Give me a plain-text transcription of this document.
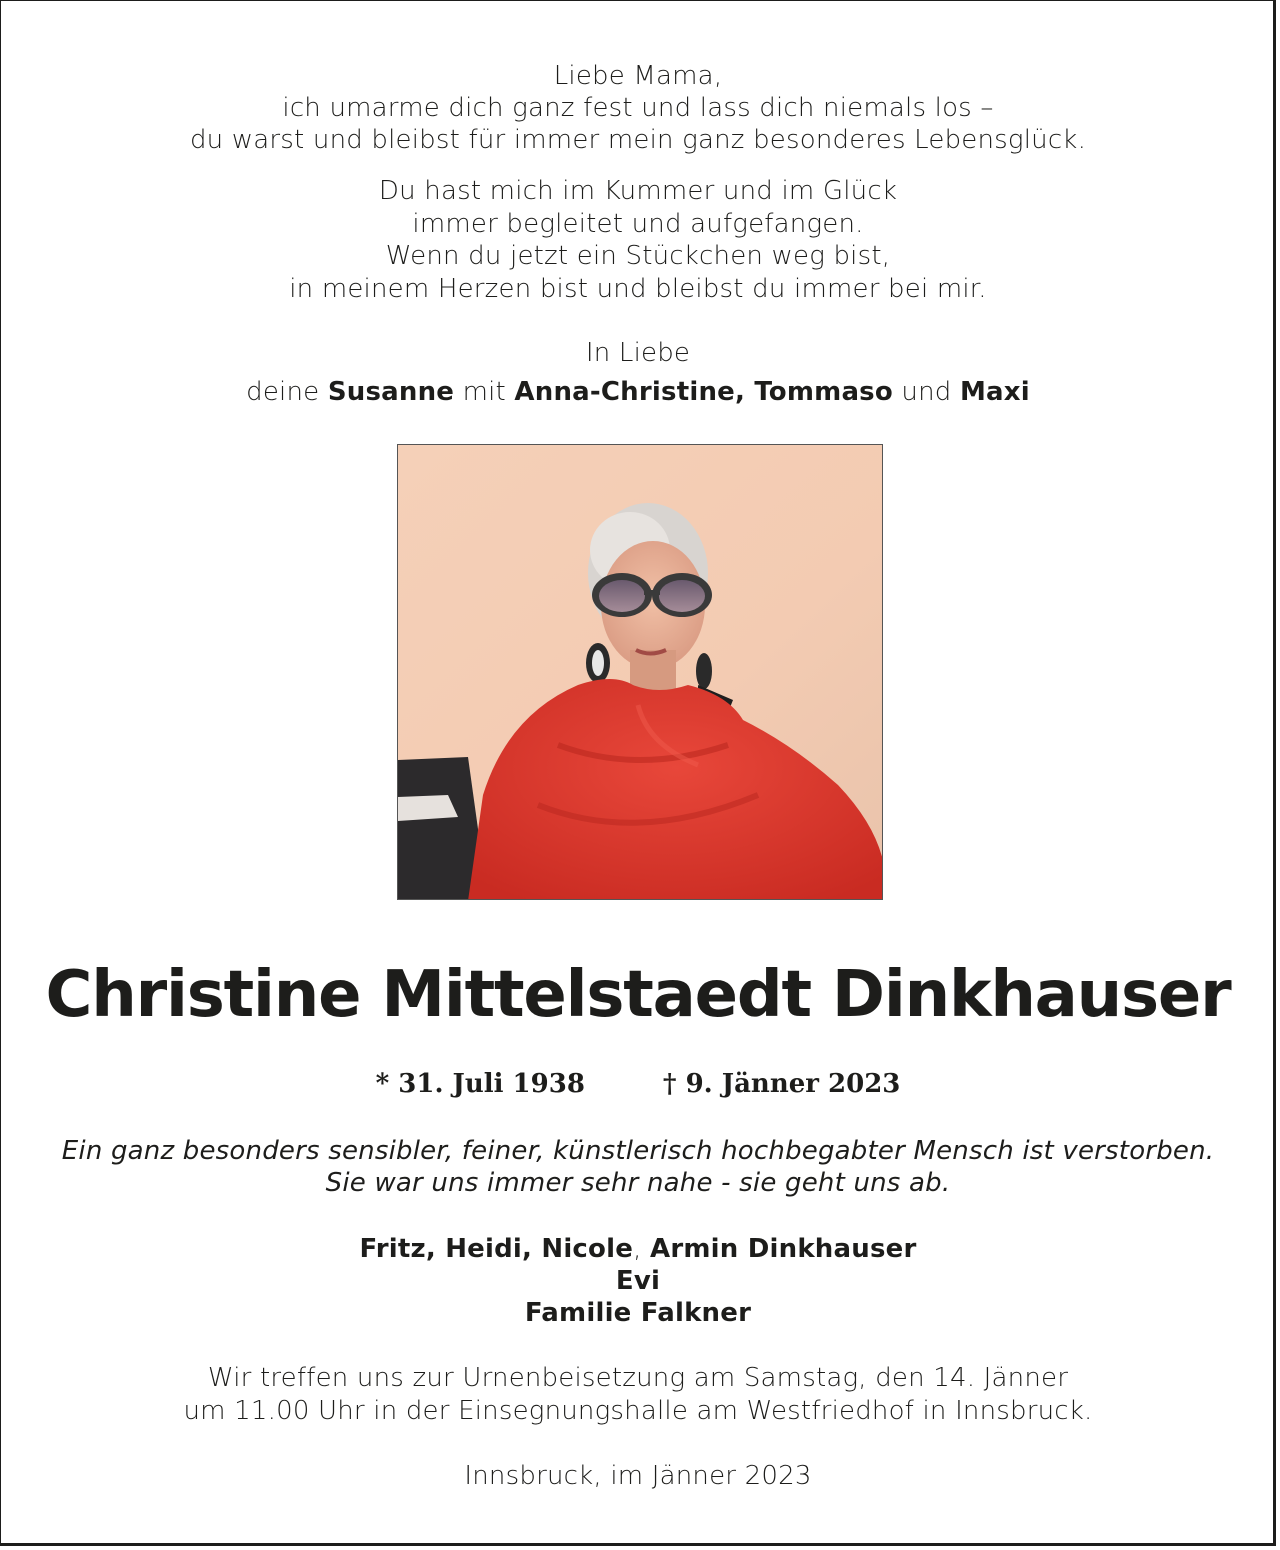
Liebe Mama,
ich umarme dich ganz fest und lass dich niemals los –
du warst und bleibst für immer mein ganz besonderes Lebensglück.
Du hast mich im Kummer und im Glück
immer begleitet und aufgefangen.
Wenn du jetzt ein Stückchen weg bist,
in meinem Herzen bist und bleibst du immer bei mir.
In Liebe
deine Susanne mit Anna-Christine, Tommaso und Maxi
Christine Mittelstaedt Dinkhauser
* 31. Juli 1938	† 9. Jänner 2023
Ein ganz besonders sensibler, feiner, künstlerisch hochbegabter Mensch ist verstorben.
Sie war uns immer sehr nahe - sie geht uns ab.
Fritz, Heidi, Nicole, Armin Dinkhauser
Evi
Familie Falkner
Wir treffen uns zur Urnenbeisetzung am Samstag, den 14. Jänner
um 11.00 Uhr in der Einsegnungshalle am Westfriedhof in Innsbruck.
Innsbruck, im Jänner 2023
